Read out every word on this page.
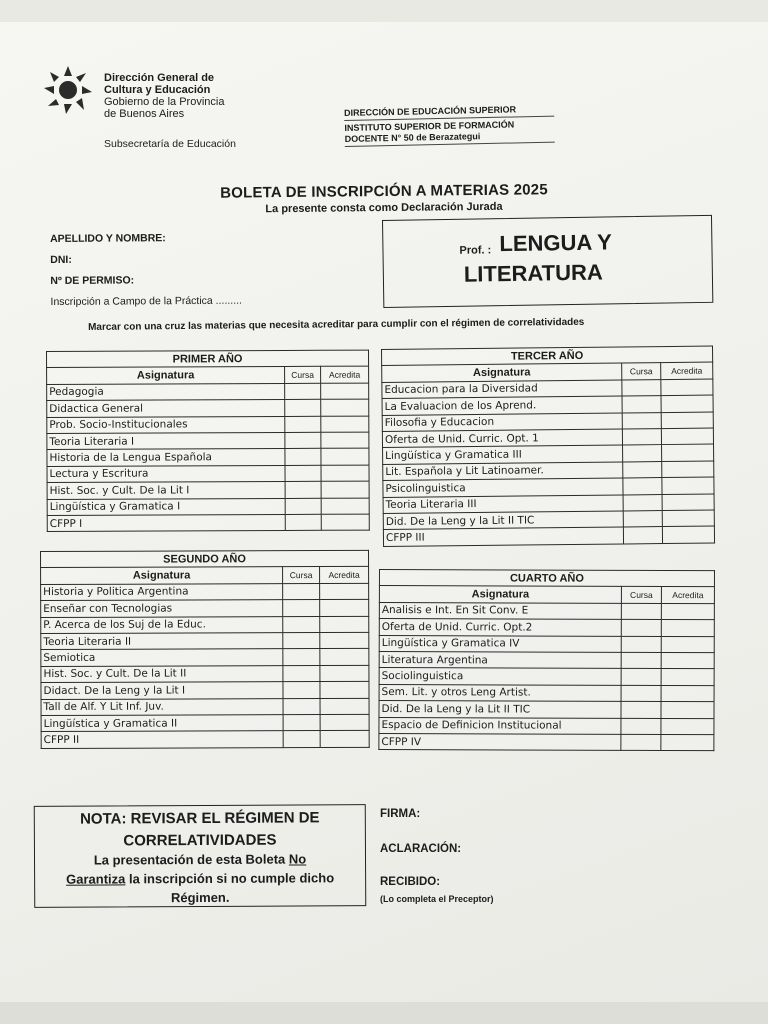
Dirección General de
Cultura y Educación
Gobierno de la Provincia
de Buenos Aires
Subsecretaría de Educación
DIRECCIÓN DE EDUCACIÓN SUPERIOR
INSTITUTO SUPERIOR DE FORMACIÓN
DOCENTE N° 50 de Berazategui
BOLETA DE INSCRIPCIÓN A MATERIAS 2025
La presente consta como Declaración Jurada
APELLIDO Y NOMBRE:
DNI:
Nº DE PERMISO:
Inscripción a Campo de la Práctica .........
Prof. : LENGUA Y
LITERATURA
Marcar con una cruz las materias que necesita acreditar para cumplir con el régimen de correlatividades
PRIMER AÑO		
Asignatura	Cursa	Acredita
Pedagogia		
Didactica General		
Prob. Socio-Institucionales		
Teoria Literaria I		
Historia de la Lengua Española		
Lectura y Escritura		
Hist. Soc. y Cult. De la Lit I		
Lingüística y Gramatica I		
CFPP I		
TERCER AÑO		
Asignatura	Cursa	Acredita
Educacion para la Diversidad		
La Evaluacion de los Aprend.		
Filosofia y Educacion		
Oferta de Unid. Curric. Opt. 1		
Lingüística y Gramatica III		
Lit. Española y Lit Latinoamer.		
Psicolinguistica		
Teoria Literaria III		
Did. De la Leng y la Lit II TIC		
CFPP III		
SEGUNDO AÑO		
Asignatura	Cursa	Acredita
Historia y Politica Argentina		
Enseñar con Tecnologias		
P. Acerca de los Suj de la Educ.		
Teoria Literaria II		
Semiotica		
Hist. Soc. y Cult. De la Lit II		
Didact. De la Leng y la Lit I		
Tall de Alf. Y Lit Inf. Juv.		
Lingüística y Gramatica II		
CFPP II		
CUARTO AÑO		
Asignatura	Cursa	Acredita
Analisis e Int. En Sit Conv. E		
Oferta de Unid. Curric. Opt.2		
Lingüística y Gramatica IV		
Literatura Argentina		
Sociolinguistica		
Sem. Lit. y otros Leng Artist.		
Did. De la Leng y la Lit II TIC		
Espacio de Definicion Institucional		
CFPP IV		
NOTA: REVISAR EL RÉGIMEN DE
CORRELATIVIDADES
La presentación de esta Boleta No
Garantiza la inscripción si no cumple dicho
Régimen.
FIRMA:
ACLARACIÓN:
RECIBIDO:
(Lo completa el Preceptor)
